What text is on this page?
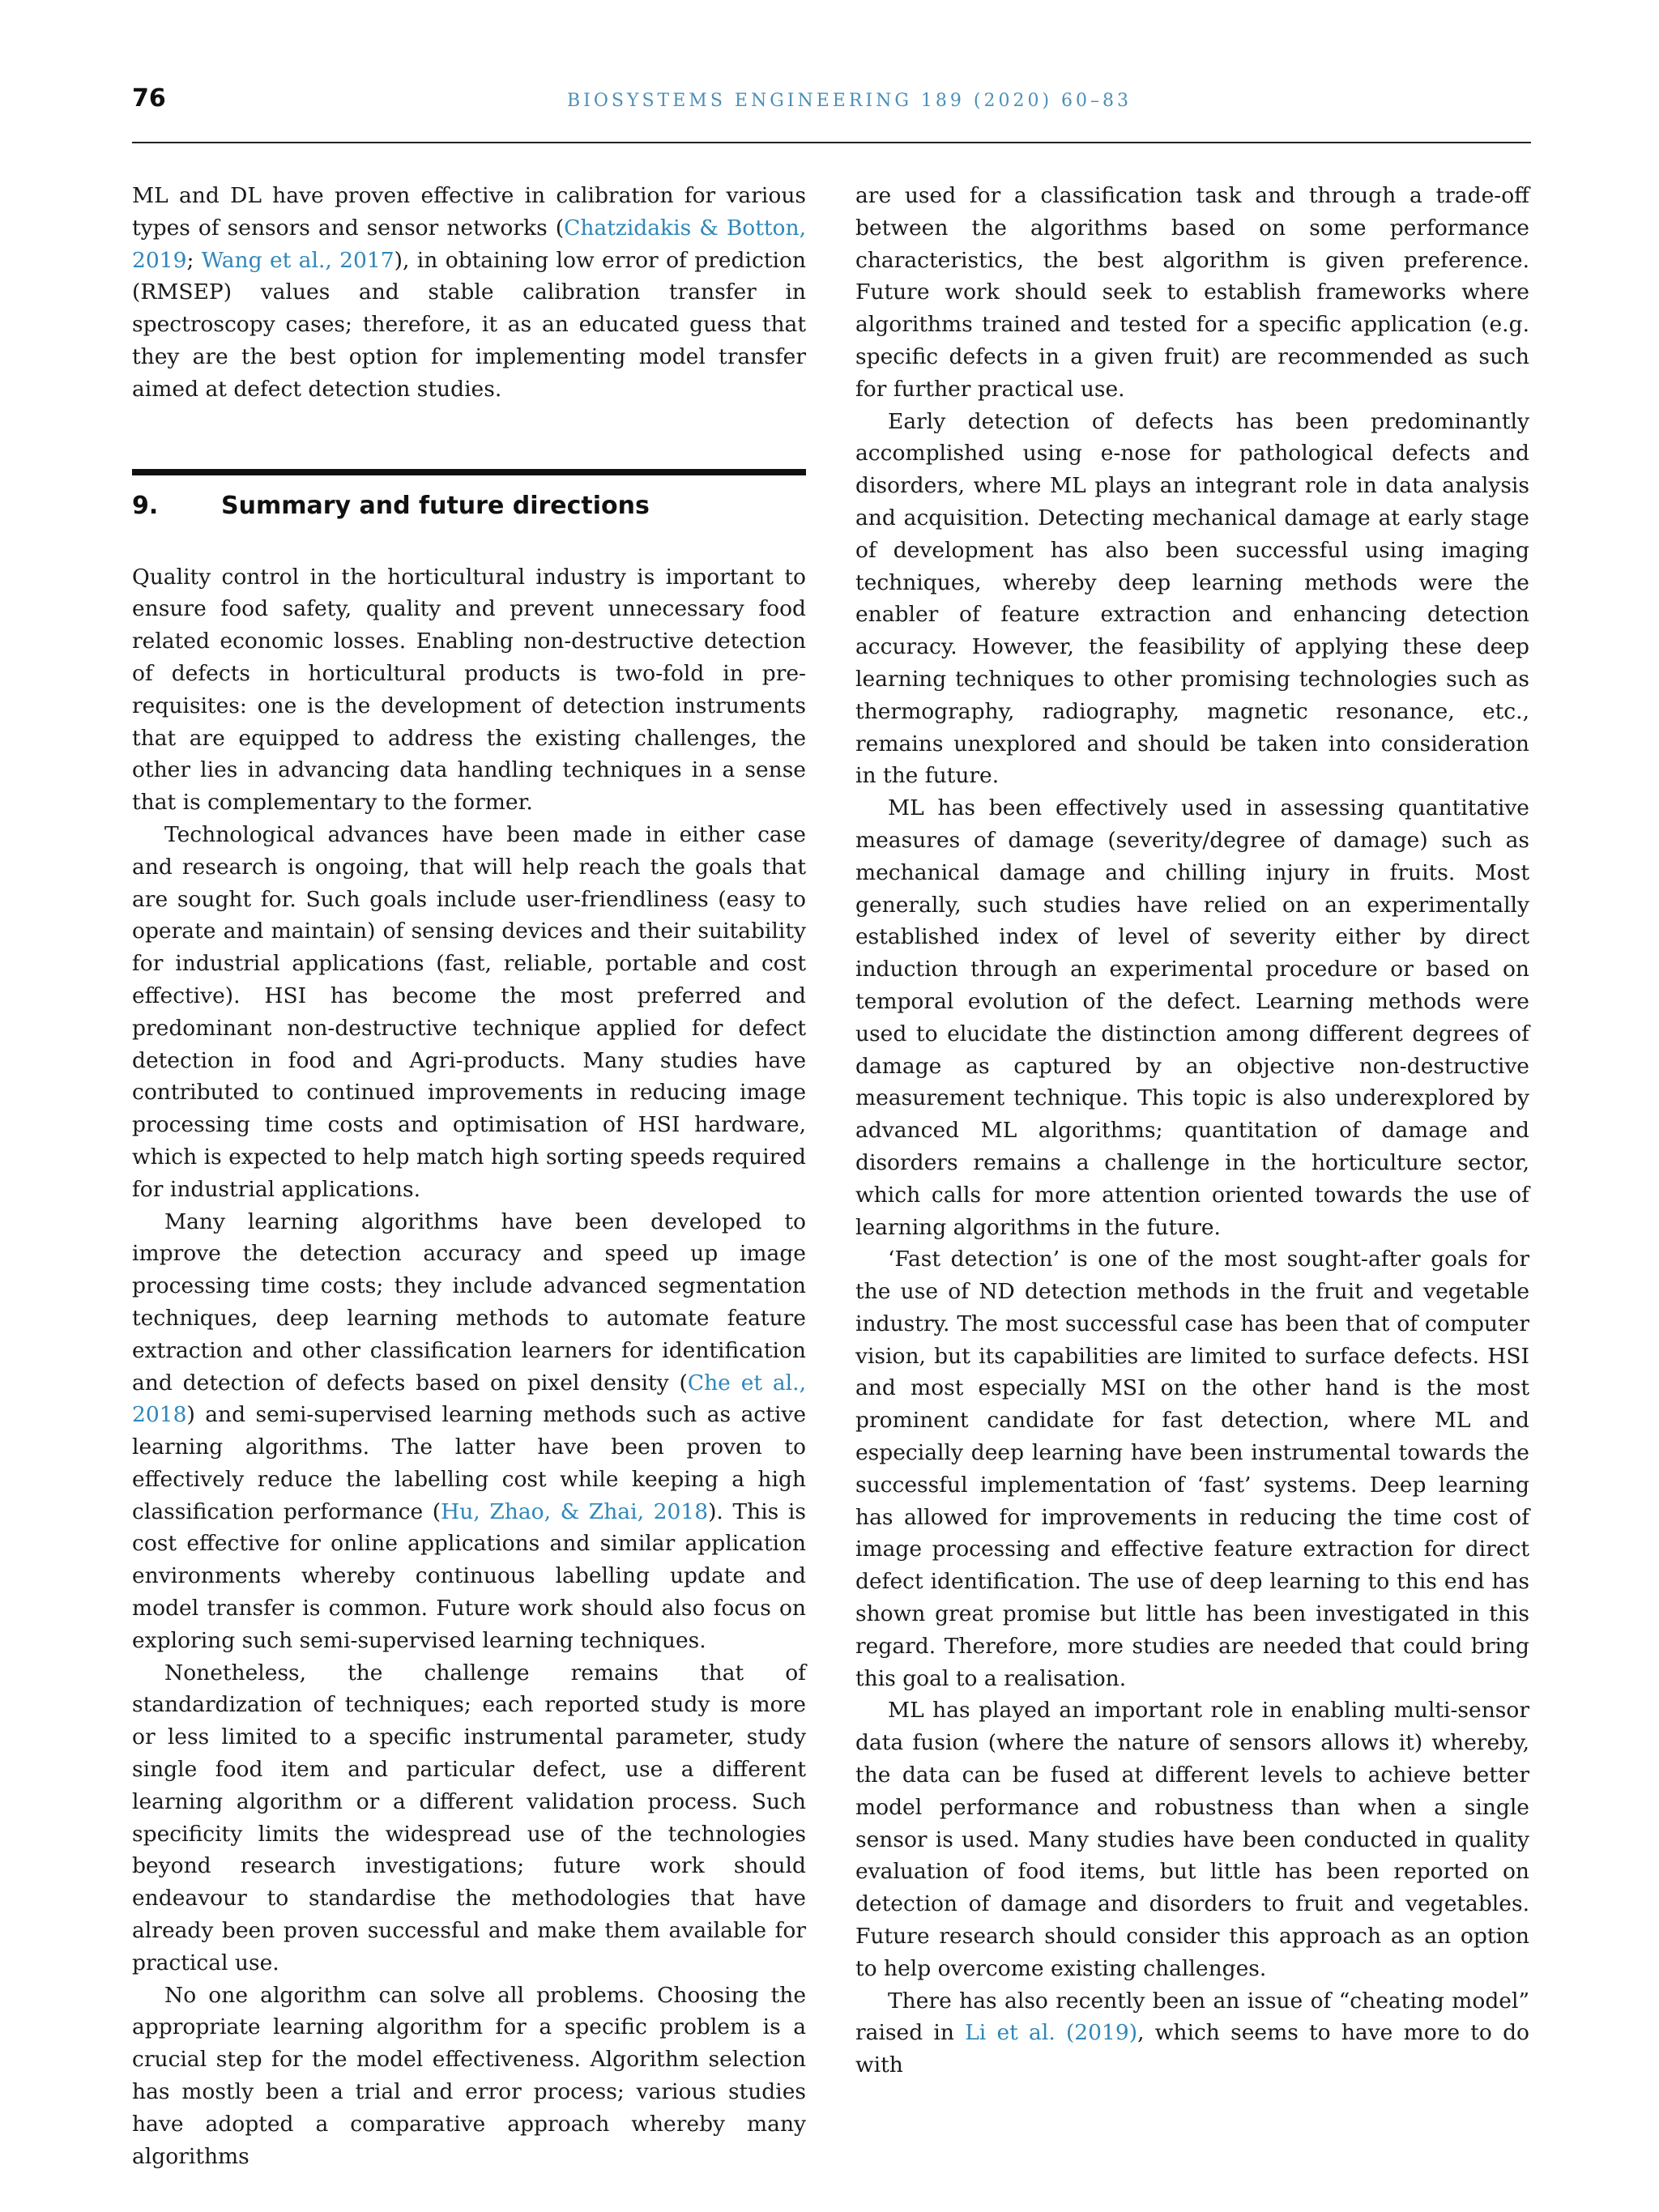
76	BIOSYSTEMS ENGINEERING 189 (2020) 60–83

ML and DL have proven effective in calibration for various types of sensors and sensor networks (Chatzidakis & Botton, 2019; Wang et al., 2017), in obtaining low error of prediction (RMSEP) values and stable calibration transfer in spectroscopy cases; therefore, it as an educated guess that they are the best option for implementing model transfer aimed at defect detection studies.

9.	Summary and future directions

Quality control in the horticultural industry is important to ensure food safety, quality and prevent unnecessary food related economic losses. Enabling non-destructive detection of defects in horticultural products is two-fold in pre-requisites: one is the development of detection instruments that are equipped to address the existing challenges, the other lies in advancing data handling techniques in a sense that is complementary to the former.

Technological advances have been made in either case and research is ongoing, that will help reach the goals that are sought for. Such goals include user-friendliness (easy to operate and maintain) of sensing devices and their suitability for industrial applications (fast, reliable, portable and cost effective). HSI has become the most preferred and predominant non-destructive technique applied for defect detection in food and Agri-products. Many studies have contributed to continued improvements in reducing image processing time costs and optimisation of HSI hardware, which is expected to help match high sorting speeds required for industrial applications.

Many learning algorithms have been developed to improve the detection accuracy and speed up image processing time costs; they include advanced segmentation techniques, deep learning methods to automate feature extraction and other classification learners for identification and detection of defects based on pixel density (Che et al., 2018) and semi-supervised learning methods such as active learning algorithms. The latter have been proven to effectively reduce the labelling cost while keeping a high classification performance (Hu, Zhao, & Zhai, 2018). This is cost effective for online applications and similar application environments whereby continuous labelling update and model transfer is common. Future work should also focus on exploring such semi-supervised learning techniques.

Nonetheless, the challenge remains that of standardization of techniques; each reported study is more or less limited to a specific instrumental parameter, study single food item and particular defect, use a different learning algorithm or a different validation process. Such specificity limits the widespread use of the technologies beyond research investigations; future work should endeavour to standardise the methodologies that have already been proven successful and make them available for practical use.

No one algorithm can solve all problems. Choosing the appropriate learning algorithm for a specific problem is a crucial step for the model effectiveness. Algorithm selection has mostly been a trial and error process; various studies have adopted a comparative approach whereby many algorithms

are used for a classification task and through a trade-off between the algorithms based on some performance characteristics, the best algorithm is given preference. Future work should seek to establish frameworks where algorithms trained and tested for a specific application (e.g. specific defects in a given fruit) are recommended as such for further practical use.

Early detection of defects has been predominantly accomplished using e-nose for pathological defects and disorders, where ML plays an integrant role in data analysis and acquisition. Detecting mechanical damage at early stage of development has also been successful using imaging techniques, whereby deep learning methods were the enabler of feature extraction and enhancing detection accuracy. However, the feasibility of applying these deep learning techniques to other promising technologies such as thermography, radiography, magnetic resonance, etc., remains unexplored and should be taken into consideration in the future.

ML has been effectively used in assessing quantitative measures of damage (severity/degree of damage) such as mechanical damage and chilling injury in fruits. Most generally, such studies have relied on an experimentally established index of level of severity either by direct induction through an experimental procedure or based on temporal evolution of the defect. Learning methods were used to elucidate the distinction among different degrees of damage as captured by an objective non-destructive measurement technique. This topic is also underexplored by advanced ML algorithms; quantitation of damage and disorders remains a challenge in the horticulture sector, which calls for more attention oriented towards the use of learning algorithms in the future.

‘Fast detection’ is one of the most sought-after goals for the use of ND detection methods in the fruit and vegetable industry. The most successful case has been that of computer vision, but its capabilities are limited to surface defects. HSI and most especially MSI on the other hand is the most prominent candidate for fast detection, where ML and especially deep learning have been instrumental towards the successful implementation of ‘fast’ systems. Deep learning has allowed for improvements in reducing the time cost of image processing and effective feature extraction for direct defect identification. The use of deep learning to this end has shown great promise but little has been investigated in this regard. Therefore, more studies are needed that could bring this goal to a realisation.

ML has played an important role in enabling multi-sensor data fusion (where the nature of sensors allows it) whereby, the data can be fused at different levels to achieve better model performance and robustness than when a single sensor is used. Many studies have been conducted in quality evaluation of food items, but little has been reported on detection of damage and disorders to fruit and vegetables. Future research should consider this approach as an option to help overcome existing challenges.

There has also recently been an issue of “cheating model” raised in Li et al. (2019), which seems to have more to do with
